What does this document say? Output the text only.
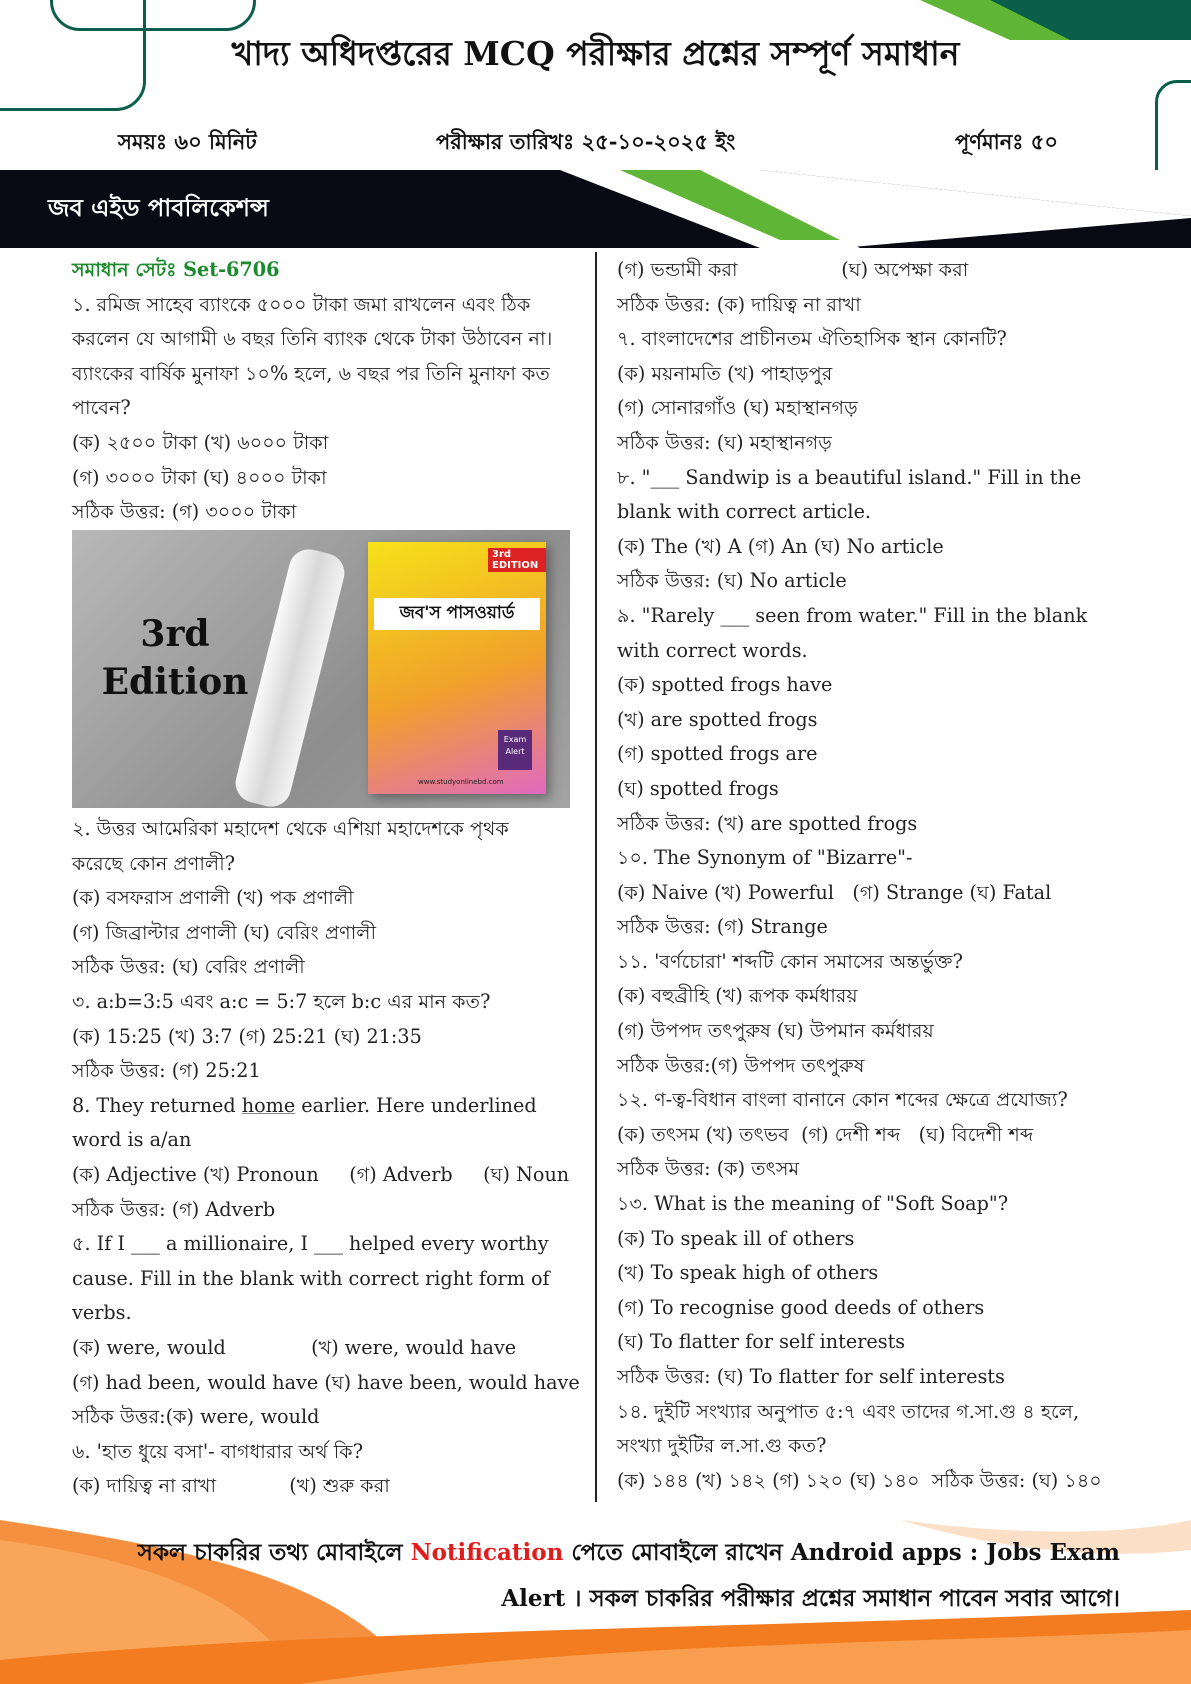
খাদ্য অধিদপ্তরের MCQ পরীক্ষার প্রশ্নের সম্পূর্ণ সমাধান
সময়ঃ ৬০ মিনিট	পরীক্ষার তারিখঃ ২৫-১০-২০২৫ ইং	পূর্ণমানঃ ৫০
জব এইড পাবলিকেশন্স
সমাধান সেটঃ Set-6706
১. রমিজ সাহেব ব্যাংকে ৫০০০ টাকা জমা রাখলেন এবং ঠিক
করলেন যে আগামী ৬ বছর তিনি ব্যাংক থেকে টাকা উঠাবেন না।
ব্যাংকের বার্ষিক মুনাফা ১০% হলে, ৬ বছর পর তিনি মুনাফা কত
পাবেন?
(ক) ২৫০০ টাকা (খ) ৬০০০ টাকা
(গ) ৩০০০ টাকা (ঘ) ৪০০০ টাকা
সঠিক উত্তর: (গ) ৩০০০ টাকা
3rd Edition
3rd EDITION
জব'স পাসওয়ার্ড
Exam Alert
www.studyonlinebd.com
২. উত্তর আমেরিকা মহাদেশ থেকে এশিয়া মহাদেশকে পৃথক
করেছে কোন প্রণালী?
(ক) বসফরাস প্রণালী (খ) পক প্রণালী
(গ) জিব্রাল্টার প্রণালী (ঘ) বেরিং প্রণালী
সঠিক উত্তর: (ঘ) বেরিং প্রণালী
৩. a:b=3:5 এবং a:c = 5:7 হলে b:c এর মান কত?
(ক) 15:25 (খ) 3:7 (গ) 25:21 (ঘ) 21:35
সঠিক উত্তর: (গ) 25:21
8. They returned home earlier. Here underlined
word is a/an
(ক) Adjective (খ) Pronoun     (গ) Adverb     (ঘ) Noun
সঠিক উত্তর: (গ) Adverb
৫. If I ___ a millionaire, I ___ helped every worthy
cause. Fill in the blank with correct right form of
verbs.
(ক) were, would              (খ) were, would have
(গ) had been, would have (ঘ) have been, would have
সঠিক উত্তর:(ক) were, would
৬. 'হাত ধুয়ে বসা'- বাগধারার অর্থ কি?
(ক) দায়িত্ব না রাখা            (খ) শুরু করা
(গ) ভন্ডামী করা                 (ঘ) অপেক্ষা করা
সঠিক উত্তর: (ক) দায়িত্ব না রাখা
৭. বাংলাদেশের প্রাচীনতম ঐতিহাসিক স্থান কোনটি?
(ক) ময়নামতি (খ) পাহাড়পুর
(গ) সোনারগাঁও (ঘ) মহাস্থানগড়
সঠিক উত্তর: (ঘ) মহাস্থানগড়
৮. "___ Sandwip is a beautiful island." Fill in the
blank with correct article.
(ক) The (খ) A (গ) An (ঘ) No article
সঠিক উত্তর: (ঘ) No article
৯. "Rarely ___ seen from water." Fill in the blank
with correct words.
(ক) spotted frogs have
(খ) are spotted frogs
(গ) spotted frogs are
(ঘ) spotted frogs
সঠিক উত্তর: (খ) are spotted frogs
১০. The Synonym of "Bizarre"-
(ক) Naive (খ) Powerful   (গ) Strange (ঘ) Fatal
সঠিক উত্তর: (গ) Strange
১১. 'বর্ণচোরা' শব্দটি কোন সমাসের অন্তর্ভুক্ত?
(ক) বহুব্রীহি (খ) রূপক কর্মধারয়
(গ) উপপদ তৎপুরুষ (ঘ) উপমান কর্মধারয়
সঠিক উত্তর:(গ) উপপদ তৎপুরুষ
১২. ণ-ত্ব-বিধান বাংলা বানানে কোন শব্দের ক্ষেত্রে প্রযোজ্য?
(ক) তৎসম (খ) তৎভব  (গ) দেশী শব্দ   (ঘ) বিদেশী শব্দ
সঠিক উত্তর: (ক) তৎসম
১৩. What is the meaning of "Soft Soap"?
(ক) To speak ill of others
(খ) To speak high of others
(গ) To recognise good deeds of others
(ঘ) To flatter for self interests
সঠিক উত্তর: (ঘ) To flatter for self interests
১৪. দুইটি সংখ্যার অনুপাত ৫:৭ এবং তাদের গ.সা.গু ৪ হলে,
সংখ্যা দুইটির ল.সা.গু কত?
(ক) ১৪৪ (খ) ১৪২ (গ) ১২০ (ঘ) ১৪০  সঠিক উত্তর: (ঘ) ১৪০
সকল চাকরির তথ্য মোবাইলে Notification পেতে মোবাইলে রাখেন Android apps : Jobs Exam
Alert । সকল চাকরির পরীক্ষার প্রশ্নের সমাধান পাবেন সবার আগে।
